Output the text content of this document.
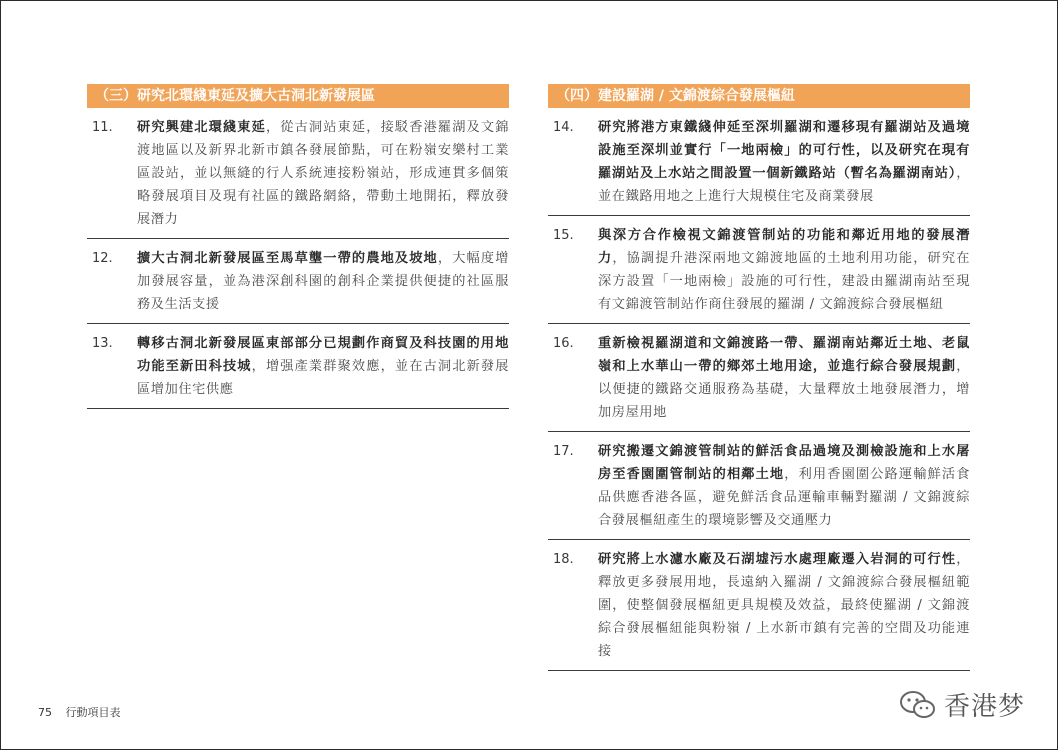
（三）研究北環綫東延及擴大古洞北新發展區
11.	研究興建北環綫東延，從古洞站東延，接駁香港羅湖及文錦渡地區以及新界北新市鎮各發展節點，可在粉嶺安樂村工業區設站，並以無縫的行人系統連接粉嶺站，形成連貫多個策略發展項目及現有社區的鐵路網絡，帶動土地開拓，釋放發展潛力
12.	擴大古洞北新發展區至馬草壟一帶的農地及坡地，大幅度增加發展容量，並為港深創科園的創科企業提供便捷的社區服務及生活支援
13.	轉移古洞北新發展區東部部分已規劃作商貿及科技園的用地功能至新田科技城，增强產業群聚效應，並在古洞北新發展區增加住宅供應
（四）建設羅湖 / 文錦渡綜合發展樞紐
14.	研究將港方東鐵綫伸延至深圳羅湖和遷移現有羅湖站及過境設施至深圳並實行「一地兩檢」的可行性，以及研究在現有羅湖站及上水站之間設置一個新鐵路站（暫名為羅湖南站），並在鐵路用地之上進行大規模住宅及商業發展
15.	與深方合作檢視文錦渡管制站的功能和鄰近用地的發展潛力，協調提升港深兩地文錦渡地區的土地利用功能，研究在深方設置「一地兩檢」設施的可行性，建設由羅湖南站至現有文錦渡管制站作商住發展的羅湖 / 文錦渡綜合發展樞紐
16.	重新檢視羅湖道和文錦渡路一帶、羅湖南站鄰近土地、老鼠嶺和上水華山一帶的鄉郊土地用途，並進行綜合發展規劃，以便捷的鐵路交通服務為基礎，大量釋放土地發展潛力，增加房屋用地
17.	研究搬遷文錦渡管制站的鮮活食品過境及測檢設施和上水屠房至香園圍管制站的相鄰土地，利用香園圍公路運輸鮮活食品供應香港各區，避免鮮活食品運輸車輛對羅湖 / 文錦渡綜合發展樞紐產生的環境影響及交通壓力
18.	研究將上水濾水廠及石湖墟污水處理廠遷入岩洞的可行性，釋放更多發展用地，長遠納入羅湖 / 文錦渡綜合發展樞紐範圍，使整個發展樞紐更具規模及效益，最終使羅湖 / 文錦渡綜合發展樞紐能與粉嶺 / 上水新市鎮有完善的空間及功能連接
75 行動項目表	香港梦
